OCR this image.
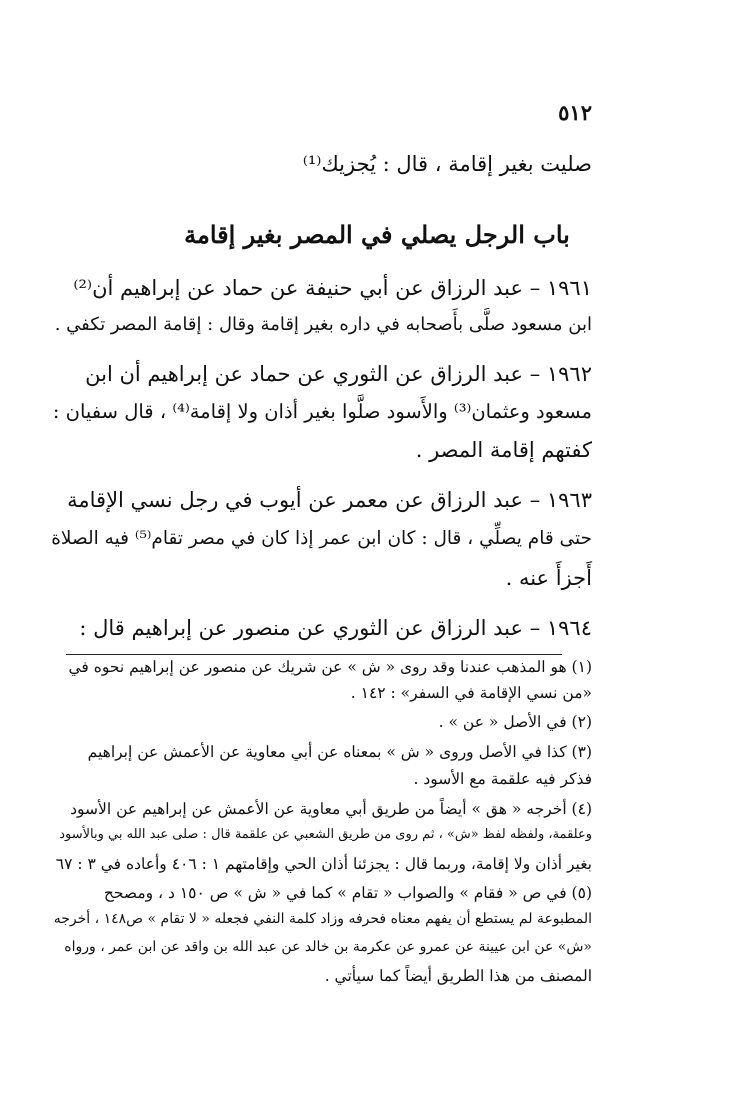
٥١٢
صليت بغير إقامة ، قال : يُجزيك⁽¹⁾
باب الرجل يصلي في المصر بغير إقامة
١٩٦١ – عبد الرزاق عن أبي حنيفة عن حماد عن إبراهيم أن⁽²⁾
ابن مسعود صلَّى بأَصحابه في داره بغير إقامة وقال : إقامة المصر تكفي .
١٩٦٢ – عبد الرزاق عن الثوري عن حماد عن إبراهيم أن ابن
مسعود وعثمان⁽³⁾ والأَسود صلَّوا بغير أذان ولا إقامة⁽⁴⁾ ، قال سفيان :
كفتهم إقامة المصر .
١٩٦٣ – عبد الرزاق عن معمر عن أيوب في رجل نسي الإقامة
حتى قام يصلِّي ، قال : كان ابن عمر إذا كان في مصر تقام⁽⁵⁾ فيه الصلاة
أَجزأَ عنه .
١٩٦٤ – عبد الرزاق عن الثوري عن منصور عن إبراهيم قال :
(١) هو المذهب عندنا وقد روى « ش » عن شريك عن منصور عن إبراهيم نحوه في
«من نسي الإقامة في السفر» : ١٤٢ .
(٢) في الأصل « عن » .
(٣) كذا في الأصل وروى « ش » بمعناه عن أبي معاوية عن الأعمش عن إبراهيم
فذكر فيه علقمة مع الأسود .
(٤) أخرجه « هق » أيضاً من طريق أبي معاوية عن الأعمش عن إبراهيم عن الأسود
وعلقمة، ولفظه لفظ «ش» ، ثم روى من طريق الشعبي عن علقمة قال : صلى عبد الله بي وبالأسود
بغير أذان ولا إقامة، وربما قال : يجزئنا أذان الحي وإقامتهم ١ : ٤٠٦ وأعاده في ٣ : ٦٧
(٥) في ص « فقام » والصواب « تقام » كما في « ش » ص ١٥٠ د ، ومصحح
المطبوعة لم يستطع أن يفهم معناه فحرفه وزاد كلمة النفي فجعله « لا تقام » ص١٤٨ ، أخرجه
«ش» عن ابن عيينة عن عمرو عن عكرمة بن خالد عن عبد الله بن واقد عن ابن عمر ، ورواه
المصنف من هذا الطريق أيضاً كما سيأتي .
